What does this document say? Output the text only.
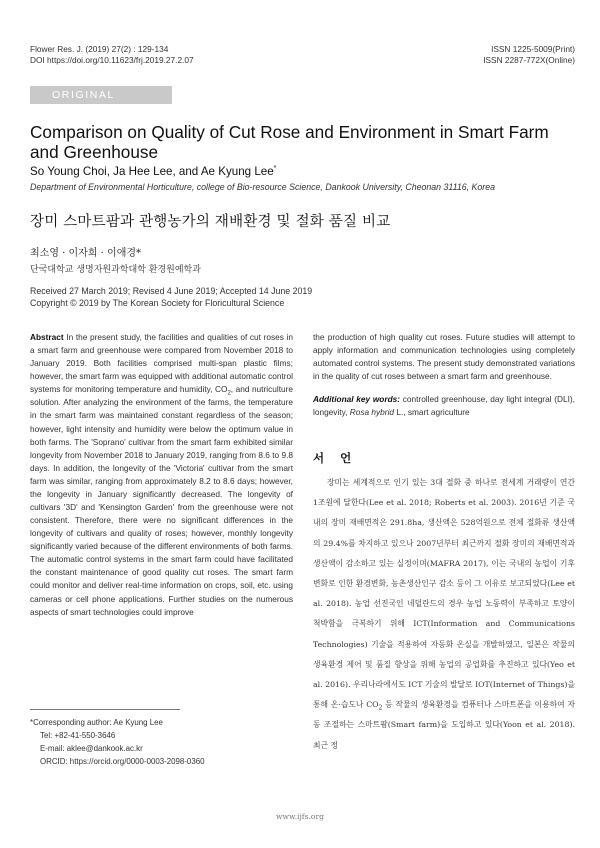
Flower Res. J. (2019) 27(2) : 129-134
DOI https://doi.org/10.11623/frj.2019.27.2.07
ISSN 1225-5009(Print)
ISSN 2287-772X(Online)
ORIGINAL ARTICLE
Comparison on Quality of Cut Rose and Environment in Smart Farm and Greenhouse
So Young Choi, Ja Hee Lee, and Ae Kyung Lee*
Department of Environmental Horticulture, college of Bio-resource Science, Dankook University, Cheonan 31116, Korea
장미 스마트팜과 관행농가의 재배환경 및 절화 품질 비교
최소영 · 이자희 · 이애경*
단국대학교 생명자원과학대학 환경원예학과
Received 27 March 2019; Revised 4 June 2019; Accepted 14 June 2019
Copyright © 2019 by The Korean Society for Floricultural Science

Abstract In the present study, the facilities and qualities of cut roses in a smart farm and greenhouse were compared from November 2018 to January 2019. Both facilities comprised multi-span plastic films; however, the smart farm was equipped with additional automatic control systems for monitoring temperature and humidity, $CO_2$, and nutriculture solution. After analyzing the environment of the farms, the temperature in the smart farm was maintained constant regardless of the season; however, light intensity and humidity were below the optimum value in both farms. The 'Soprano' cultivar from the smart farm exhibited similar longevity from November 2018 to January 2019, ranging from 8.6 to 9.8 days. In addition, the longevity of the 'Victoria' cultivar from the smart farm was similar, ranging from approximately 8.2 to 8.6 days; however, the longevity in January significantly decreased. The longevity of cultivars '3D' and 'Kensington Garden' from the greenhouse were not consistent. Therefore, there were no significant differences in the longevity of cultivars and quality of roses; however, monthly longevity significantly varied because of the different environments of both farms. The automatic control systems in the smart farm could have facilitated the constant maintenance of good quality cut roses. The smart farm could monitor and deliver real-time information on crops, soil, etc. using cameras or cell phone applications. Further studies on the numerous aspects of smart technologies could improve

the production of high quality cut roses. Future studies will attempt to apply information and communication technologies using completely automated control systems. The present study demonstrated variations in the quality of cut roses between a smart farm and greenhouse.

Additional key words: controlled greenhouse, day light integral (DLI), longevity, Rosa hybrid L., smart agriculture

서 언

장미는 세계적으로 인기 있는 3대 절화 중 하나로 전세계 거래량이 연간 1조원에 달한다(Lee et al. 2018; Roberts et al. 2003). 2016년 기준 국내의 장미 재배면적은 291.8ha, 생산액은 528억원으로 전체 절화류 생산액의 29.4%를 차지하고 있으나 2007년부터 최근까지 절화 장미의 재배면적과 생산액이 감소하고 있는 실정이며(MAFRA 2017), 이는 국내의 농업이 기후변화로 인한 환경변화, 농촌생산인구 감소 등이 그 이유로 보고되었다(Lee et al. 2018). 농업 선진국인 네덜란드의 경우 농업 노동력이 부족하고 토양이 척박함을 극복하기 위해 ICT(Information and Communications Technologies) 기술을 적용하여 자동화 온실을 개발하였고, 일본은 작물의 생육환경 제어 및 품질 향상을 위해 농업의 공업화를 추진하고 있다(Yeo et al. 2016). 우리나라에서도 ICT 기술의 발달로 IOT(Internet of Things)을 통해 온·습도나 $CO_2$ 등 작물의 생육환경을 컴퓨터나 스마트폰을 이용하여 자동 조절하는 스마트팜(Smart farm)을 도입하고 있다(Yoon et al. 2018). 최근 정

*Corresponding author: Ae Kyung Lee
Tel: +82-41-550-3646
E-mail: aklee@dankook.ac.kr
ORCID: https://orcid.org/0000-0003-2098-0360
www.ijfs.org
